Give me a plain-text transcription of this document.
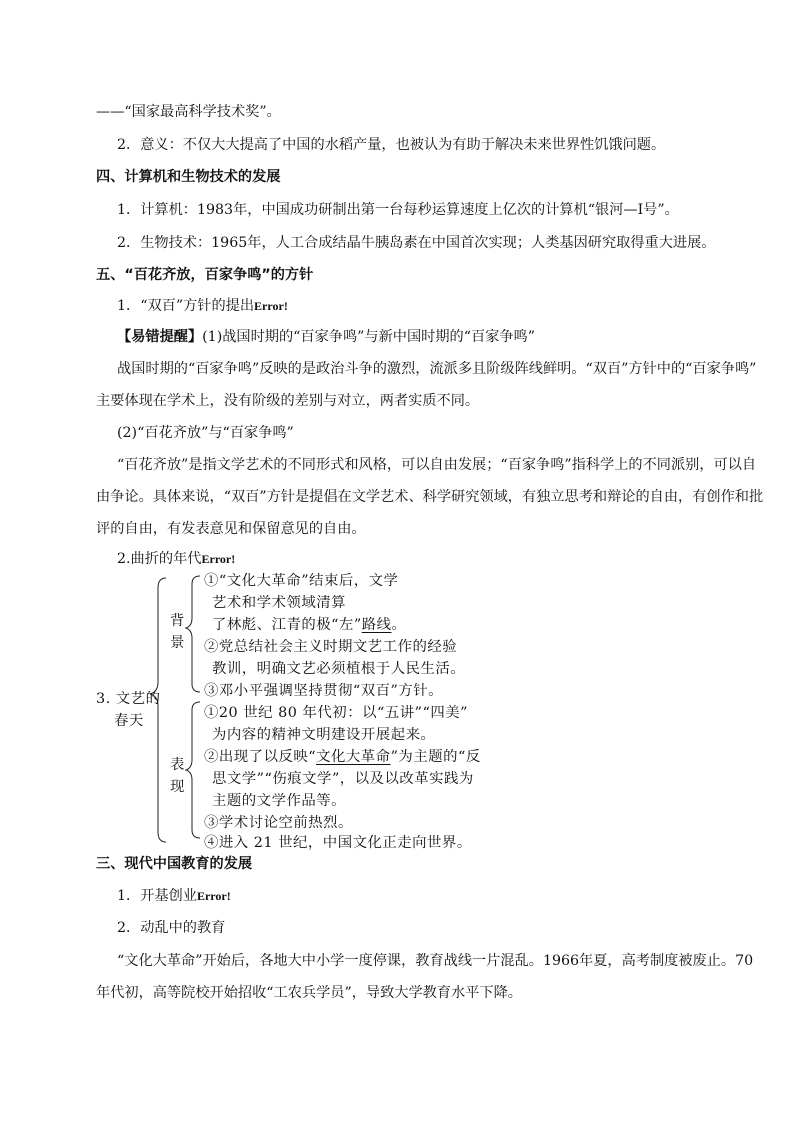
——“国家最高科学技术奖”。
2．意义：不仅大大提高了中国的水稻产量，也被认为有助于解决未来世界性饥饿问题。
四、计算机和生物技术的发展
1．计算机：1983年，中国成功研制出第一台每秒运算速度上亿次的计算机“银河—Ⅰ号”。
2．生物技术：1965年，人工合成结晶牛胰岛素在中国首次实现；人类基因研究取得重大进展。
五、“百花齐放，百家争鸣”的方针
1．“双百”方针的提出Error!
【易错提醒】(1)战国时期的“百家争鸣”与新中国时期的“百家争鸣”
战国时期的“百家争鸣”反映的是政治斗争的激烈，流派多且阶级阵线鲜明。“双百”方针中的“百家争鸣”
主要体现在学术上，没有阶级的差别与对立，两者实质不同。
(2)“百花齐放”与“百家争鸣”
“百花齐放”是指文学艺术的不同形式和风格，可以自由发展；“百家争鸣”指科学上的不同派别，可以自
由争论。具体来说，“双百”方针是提倡在文学艺术、科学研究领域，有独立思考和辩论的自由，有创作和批
评的自由，有发表意见和保留意见的自由。
2.曲折的年代Error!
3. 文艺的
春天
背
景
表
现
①“文化大革命”结束后，文学
艺术和学术领域清算
了林彪、江青的极“左”路线。
②党总结社会主义时期文艺工作的经验
教训，明确文艺必须植根于人民生活。
③邓小平强调坚持贯彻“双百”方针。
①20 世纪 80 年代初：以“五讲”“四美”
为内容的精神文明建设开展起来。
②出现了以反映“文化大革命”为主题的“反
思文学”“伤痕文学”，以及以改革实践为
主题的文学作品等。
③学术讨论空前热烈。
④进入 21 世纪，中国文化正走向世界。
三、现代中国教育的发展
1．开基创业Error!
2．动乱中的教育
“文化大革命”开始后，各地大中小学一度停课，教育战线一片混乱。1966年夏，高考制度被废止。70
年代初，高等院校开始招收“工农兵学员”，导致大学教育水平下降。
